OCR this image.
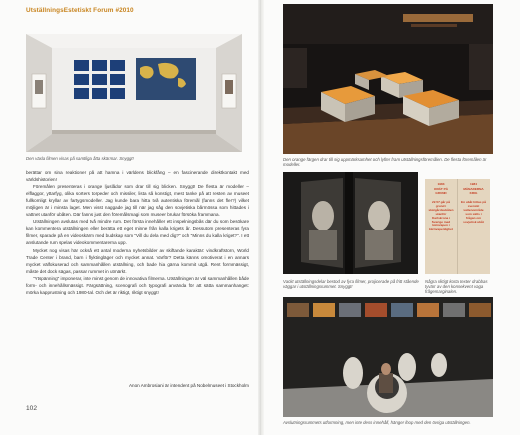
UtställningsEstetiskt Forum #2010
Den växla filmen visas på samtliga åtta skärmar. Snyggt!

berättar om sina reaktioner på att hamna i världens blickfång – en fascinerande direktkontakt med världshistorien!

Föremålen presenteras i orange ljuslådor som drar till sig blicken. Snyggt! De flesta är modeller – elflaggor, yttarfyg, olika sorters torpeder och missiler, lista så konstigt, mest tanke på att resten av museet fullkomligt kryllar av fartygsmodeller. Jag kunde bara hitta två autentiska föremål (fanns det fler?) vilket möjligen är i minsta laget. Men visst naggade jag till när jag såg den sovjetiska bårmössa som hittades i vattnet utanför ubåten. Där fanns just den föremålsmagi som museer brukar försöka frammana.

Utställningen avslutas med två mindre rum. Det första innehåller ett inspelningsbås där du som besökare kan kommentera utställningen eller berätta ett eget minne från kalla krigets år. Dessutom presenteras fyra filmer, sparade på en videoskärm med budskap som "Vill du dela med dig?" och "Minns du kalla kriget?". I ett anslutande rum spelas videokommentarerna upp.

Mycket nog visas här också ett antal moderna nyhetsbilder av skiftande karaktär: vindkraftstorn, World Trade Center i brand, barn i flyktingläger och mycket annat. Varför? Detta känns omotiverat i en annars mycket välfokuserad och sammanhållen utställning, och bade hia gärna kommit utgå. Rent formmässigt, måste det dock sägas, passar rummet in utmärkt.

"Ytspänning" imponerar, inte minst genom de innovativa filmerna. Utställningen är väl sammanhållen både form- och innehållsmässigt. Färgsättning, scenografi och typografi använda för att sätta sammanhanget: mörka kapprustning och 1980-tal. Och det är riktigt, riktigt snyggt!

Anon Ambrosiani är intendent på Nobelmuseet i Stockholm
102
Den orange färgen drar till sig uppmärksamhet och lyfter fram utställningsföremålen. De flesta föremålen är modeller.
Vackt utställningsdelar bestod av fyra filmer, projicerade på fritt stående väggar i utställningsrummet. Snyggt!
1983
ORÄT PÅ GRUND
22.57 går på grund i skärgårdsubåten utanför Karlskrona i Sverige med kärnvapen i kärnvapenlighet
1984
MÅNADERNA KRIG
En ubåt hittas på svenskt vattenområde som sätts i frågan om sovjetisk ubåt
Några riktigt korta texter drabbas tyvärr av den konsekvent vaga frågemarginalen.
Avslutningsrummets utformning, men inte dess innehåll, hänger ihop med den övriga utställningen.
